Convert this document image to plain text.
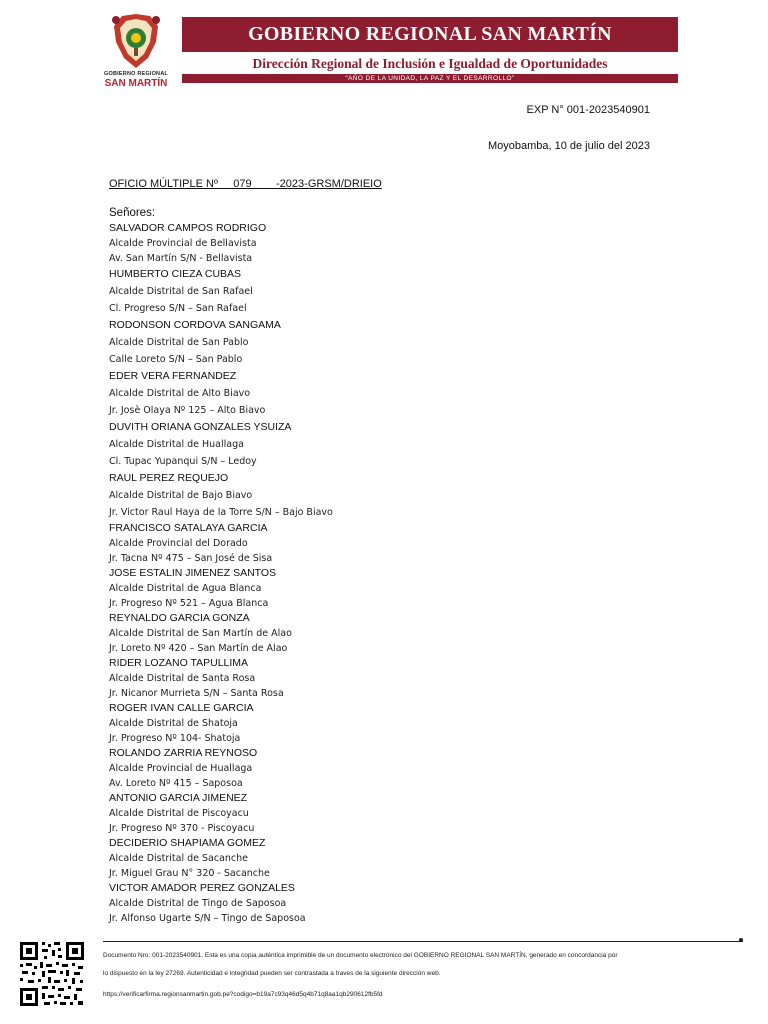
GOBIERNO REGIONAL
SAN MARTÍN
GOBIERNO REGIONAL SAN MARTÍN
Dirección Regional de Inclusión e Igualdad de Oportunidades
“AÑO DE LA UNIDAD, LA PAZ Y EL DESARROLLO”
EXP N° 001-2023540901
Moyobamba, 10 de julio del 2023
OFICIO MÚLTIPLE Nº     079        -2023-GRSM/DRIEIO
Señores:
SALVADOR CAMPOS RODRIGO
Alcalde Provincial de Bellavista
Av. San Martín S/N - Bellavista
HUMBERTO CIEZA CUBAS
Alcalde Distrital de San Rafael
Cl. Progreso S/N – San Rafael
RODONSON CORDOVA SANGAMA
Alcalde Distrital de San Pablo
Calle Loreto S/N – San Pablo
EDER VERA FERNANDEZ
Alcalde Distrital de Alto Biavo
Jr. Josè Olaya Nº 125 – Alto Biavo
DUVITH ORIANA GONZALES YSUIZA
Alcalde Distrital de Huallaga
Cl. Tupac Yupanqui S/N – Ledoy
RAUL PEREZ REQUEJO
Alcalde Distrital de Bajo Biavo
Jr. Victor Raul Haya de la Torre S/N – Bajo Biavo
FRANCISCO SATALAYA GARCIA
Alcalde Provincial del Dorado
Jr. Tacna Nº 475 – San José de Sisa
JOSE ESTALIN JIMENEZ SANTOS
Alcalde Distrital de Agua Blanca
Jr. Progreso Nº 521 – Agua Blanca
REYNALDO GARCIA GONZA
Alcalde Distrital de San Martín de Alao
Jr. Loreto Nº 420 – San Martín de Alao
RIDER LOZANO TAPULLIMA
Alcalde Distrital de Santa Rosa
Jr. Nicanor Murrieta S/N – Santa Rosa
ROGER IVAN CALLE GARCIA
Alcalde Distrital de Shatoja
Jr. Progreso Nº 104- Shatoja
ROLANDO ZARRIA REYNOSO
Alcalde Provincial de Huallaga
Av. Loreto Nº 415 – Saposoa
ANTONIO GARCIA JIMENEZ
Alcalde Distrital de Piscoyacu
Jr. Progreso Nº 370 - Piscoyacu
DECIDERIO SHAPIAMA GOMEZ
Alcalde Distrital de Sacanche
Jr. Miguel Grau N° 320 - Sacanche
VICTOR AMADOR PEREZ GONZALES
Alcalde Distrital de Tingo de Saposoa
Jr. Alfonso Ugarte S/N – Tingo de Saposoa
Documento Nro: 001-2023540901. Esta es una copia auténtica imprimible de un documento electrónico del GOBIERNO REGIONAL SAN MARTÍN, generado en concordancia por
lo dispuesto en la ley 27269. Autenticidad e integridad pueden ser contrastada a traves de la siguiente dirección web.
https://verificarfirma.regionsanmartin.gob.pe?codigo=b19a7c93q46d5q4b71q8aa1qb290612fb5fd
